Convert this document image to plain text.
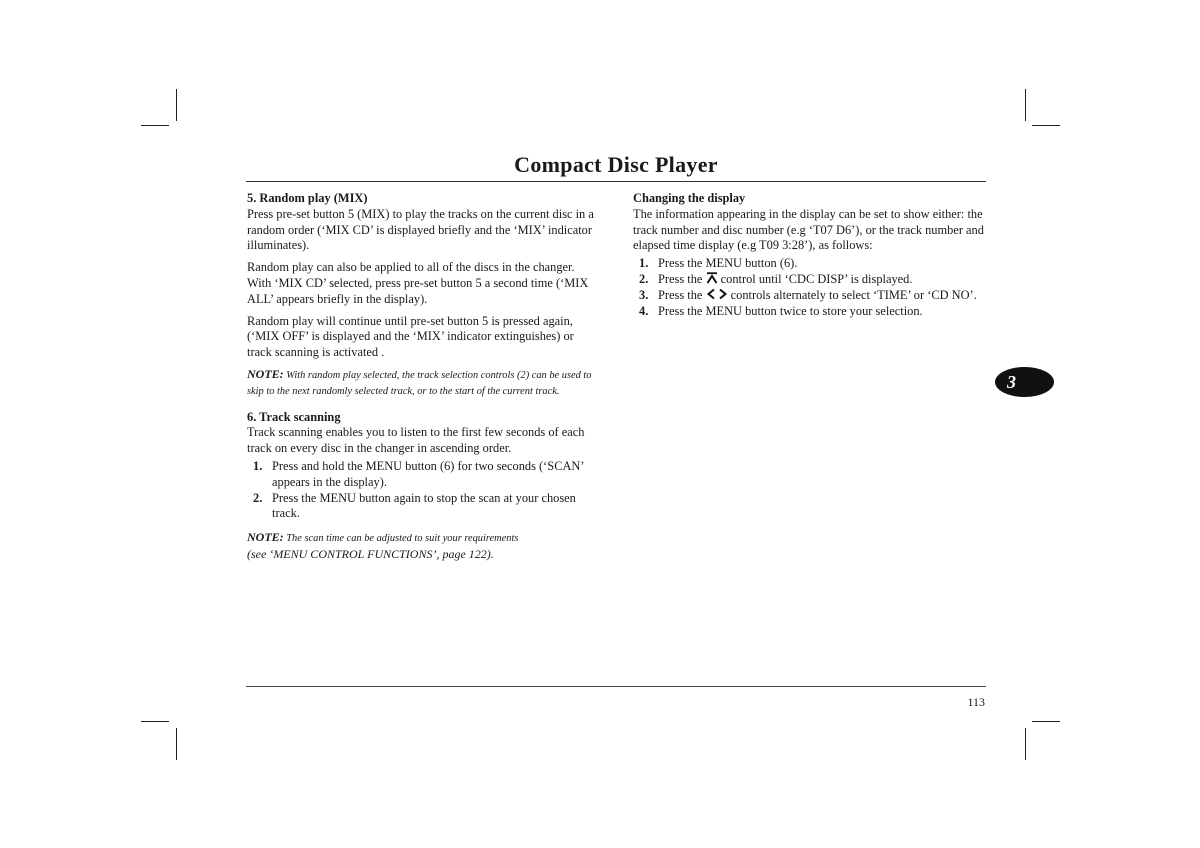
Compact Disc Player
5. Random play (MIX)

Press pre-set button 5 (MIX) to play the tracks on the current disc in a random order (‘MIX CD’ is displayed briefly and the ‘MIX’ indicator illuminates).

Random play can also be applied to all of the discs in the changer. With ‘MIX CD’ selected, press pre-set button 5 a second time (‘MIX ALL’ appears briefly in the display).

Random play will continue until pre-set button 5 is pressed again, (‘MIX OFF’ is displayed and the ‘MIX’ indicator extinguishes) or track scanning is activated .

NOTE: With random play selected, the track selection controls (2) can be used to skip to the next randomly selected track, or to the start of the current track.

6. Track scanning

Track scanning enables you to listen to the first few seconds of each track on every disc in the changer in ascending order.

1. Press and hold the MENU button (6) for two seconds (‘SCAN’ appears in the display).
2. Press the MENU button again to stop the scan at your chosen track.

NOTE: The scan time can be adjusted to suit your requirements
(see ‘MENU CONTROL FUNCTIONS’, page 122).

Changing the display

The information appearing in the display can be set to show either: the track number and disc number (e.g ‘T07 D6’), or the track number and elapsed time display (e.g T09 3:28’), as follows:

1. Press the MENU button (6).
2. Press the control until ‘CDC DISP’ is displayed.
3. Press the controls alternately to select ‘TIME’ or ‘CD NO’.
4. Press the MENU button twice to store your selection.
3
113
